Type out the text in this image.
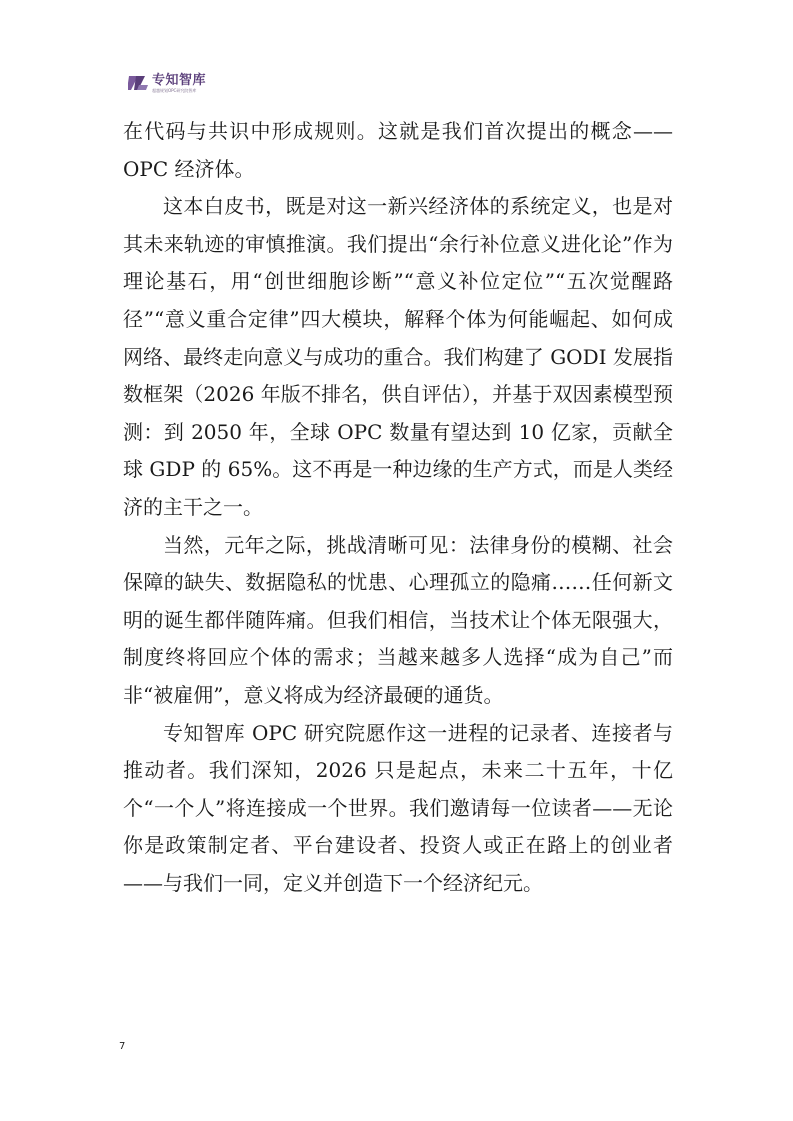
专知智库
超越规划OPC研究院智库

在代码与共识中形成规则。这就是我们首次提出的概念——OPC 经济体。

这本白皮书，既是对这一新兴经济体的系统定义，也是对其未来轨迹的审慎推演。我们提出“余行补位意义进化论”作为理论基石，用“创世细胞诊断”“意义补位定位”“五次觉醒路径”“意义重合定律”四大模块，解释个体为何能崛起、如何成网络、最终走向意义与成功的重合。我们构建了 GODI 发展指数框架（2026 年版不排名，供自评估），并基于双因素模型预测：到 2050 年，全球 OPC 数量有望达到 10 亿家，贡献全球 GDP 的 65%。这不再是一种边缘的生产方式，而是人类经济的主干之一。

当然，元年之际，挑战清晰可见：法律身份的模糊、社会保障的缺失、数据隐私的忧患、心理孤立的隐痛……任何新文明的诞生都伴随阵痛。但我们相信，当技术让个体无限强大，制度终将回应个体的需求；当越来越多人选择“成为自己”而非“被雇佣”，意义将成为经济最硬的通货。

专知智库 OPC 研究院愿作这一进程的记录者、连接者与推动者。我们深知，2026 只是起点，未来二十五年，十亿个“一个人”将连接成一个世界。我们邀请每一位读者——无论你是政策制定者、平台建设者、投资人或正在路上的创业者——与我们一同，定义并创造下一个经济纪元。

7
